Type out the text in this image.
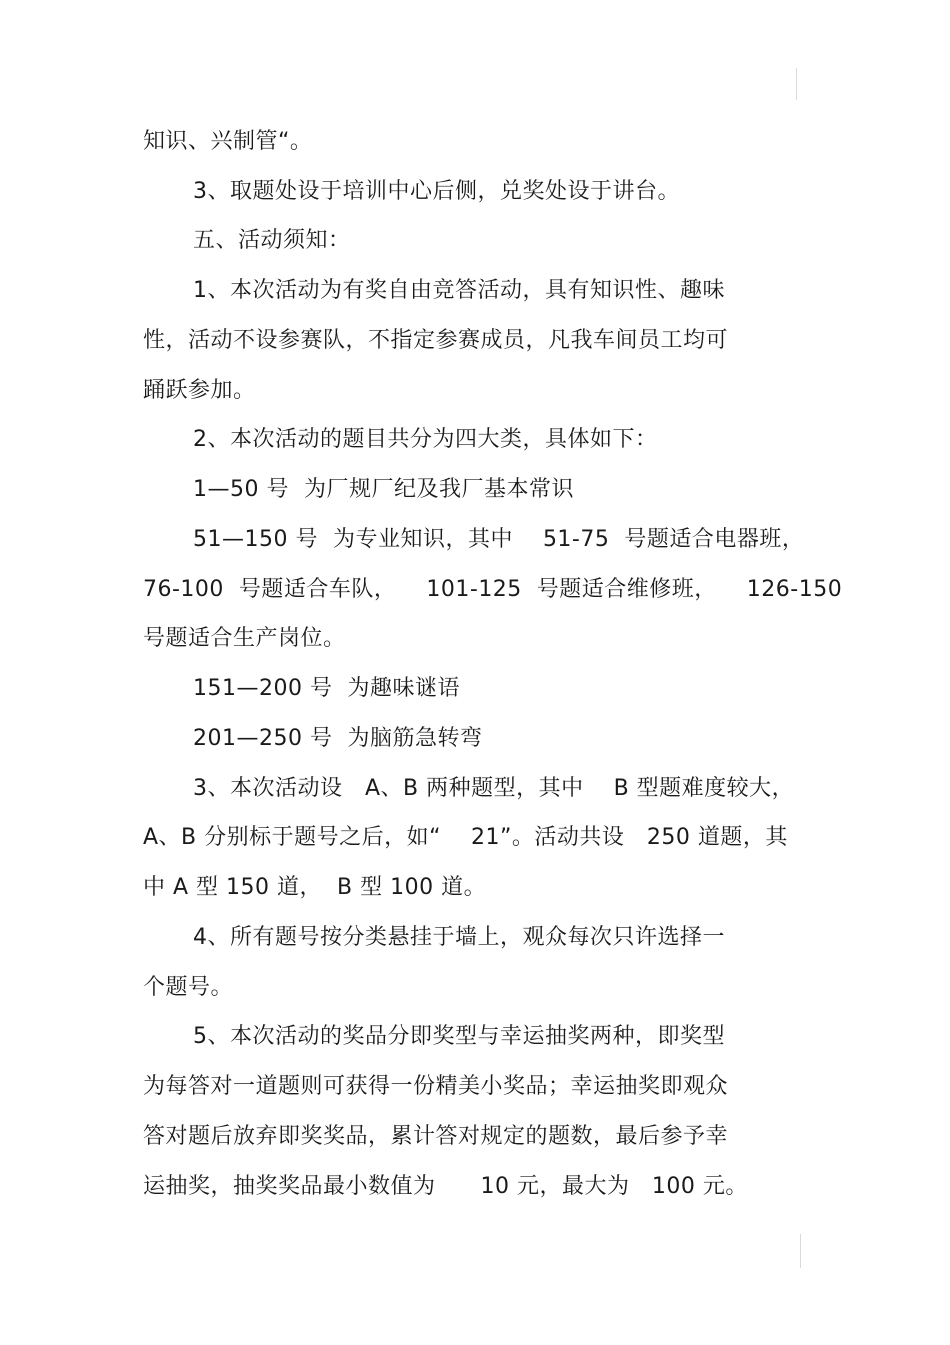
知识、兴制管“。
3、取题处设于培训中心后侧，兑奖处设于讲台。
五、活动须知：
1、本次活动为有奖自由竞答活动，具有知识性、趣味
性，活动不设参赛队，不指定参赛成员，凡我车间员工均可
踊跃参加。
2、本次活动的题目共分为四大类，具体如下：
1—50 号  为厂规厂纪及我厂基本常识
51—150 号  为专业知识，其中    51-75  号题适合电器班，
76-100  号题适合车队，    101-125  号题适合维修班，    126-150
号题适合生产岗位。
151—200 号  为趣味谜语
201—250 号  为脑筋急转弯
3、本次活动设   A、B 两种题型，其中    B 型题难度较大，
A、B 分别标于题号之后，如“    21”。活动共设   250 道题，其
中 A 型 150 道，  B 型 100 道。
4、所有题号按分类悬挂于墙上，观众每次只许选择一
个题号。
5、本次活动的奖品分即奖型与幸运抽奖两种，即奖型
为每答对一道题则可获得一份精美小奖品；幸运抽奖即观众
答对题后放弃即奖奖品，累计答对规定的题数，最后参予幸
运抽奖，抽奖奖品最小数值为      10 元，最大为   100 元。
